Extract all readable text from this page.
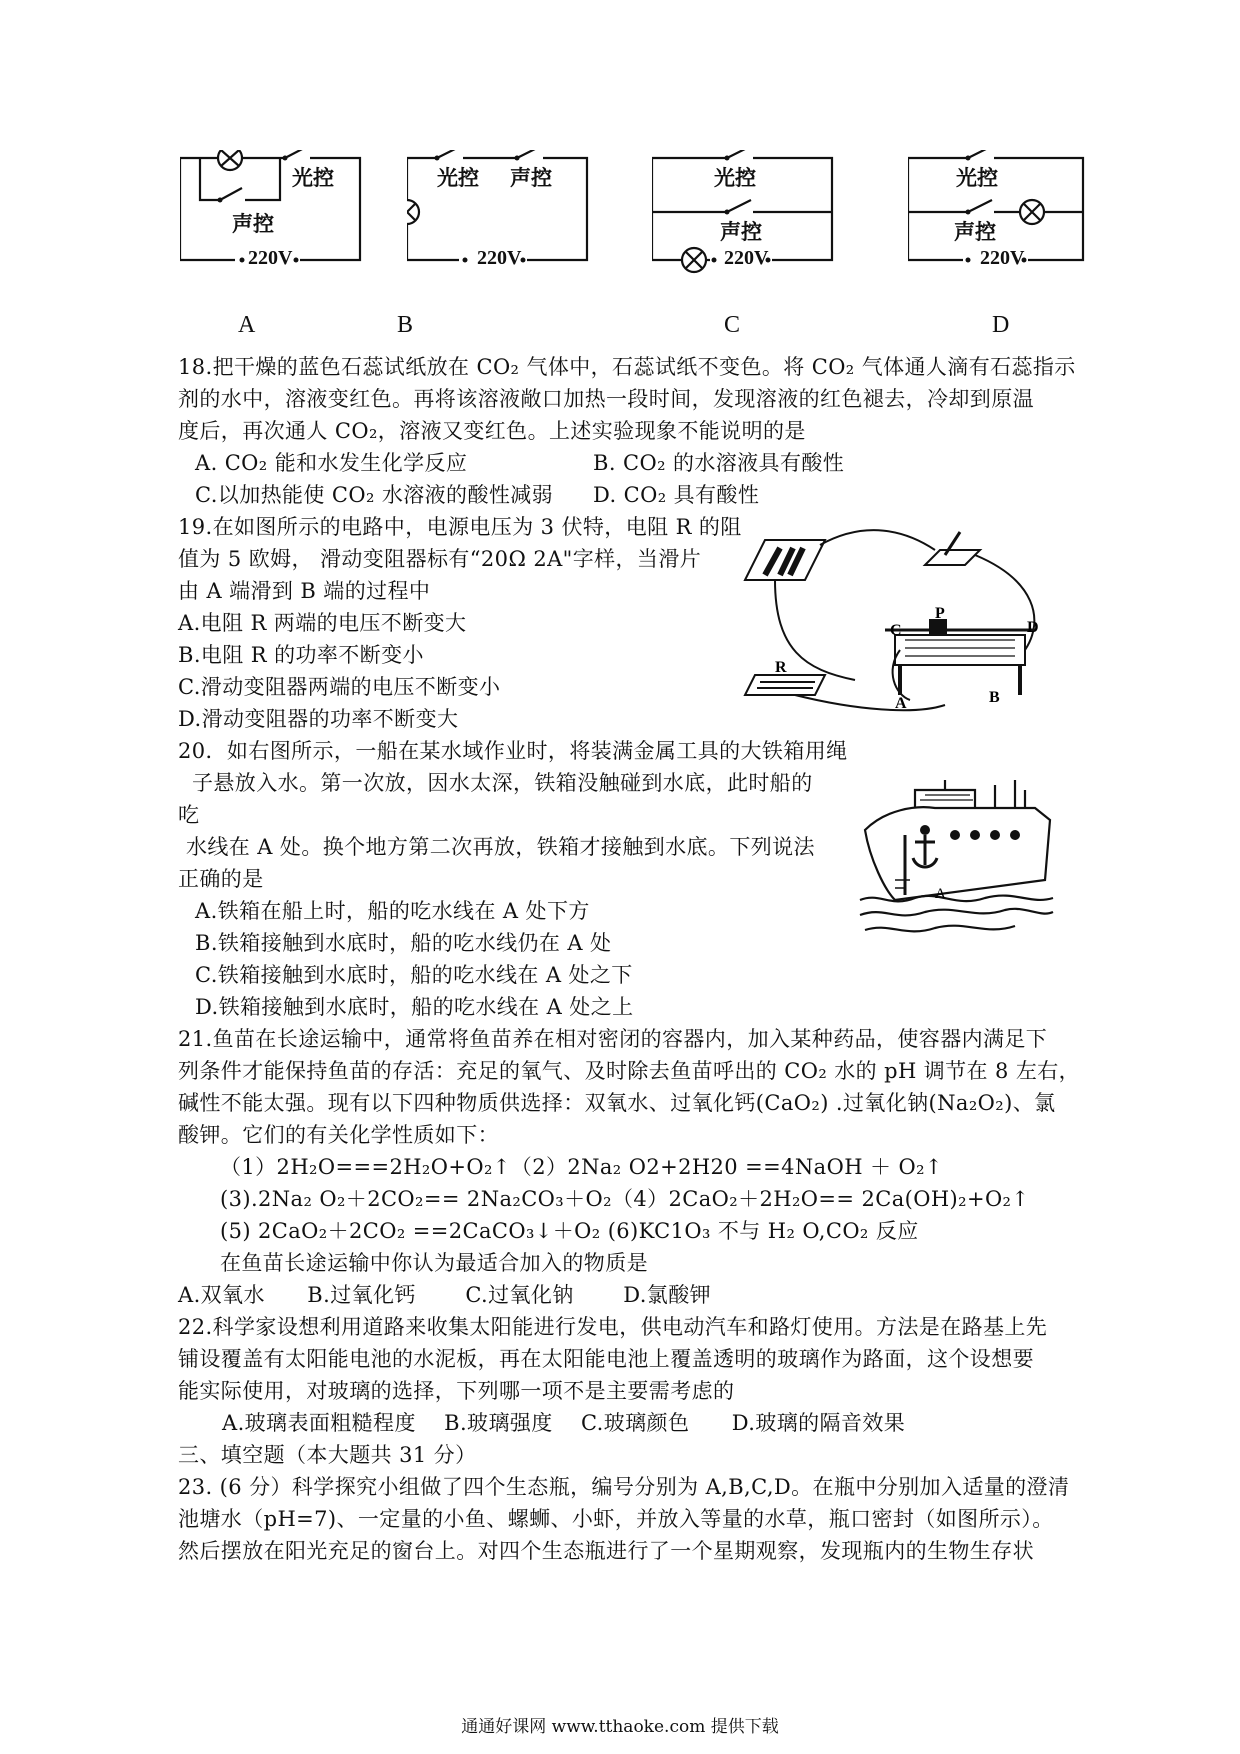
光控
声控
220V
A
光控 声控
220V
B
光控
声控
220V
C
光控
声控
220V
D
18.把干燥的蓝色石蕊试纸放在 CO₂ 气体中，石蕊试纸不变色。将 CO₂ 气体通人滴有石蕊指示
剂的水中，溶液变红色。再将该溶液敞口加热一段时间，发现溶液的红色褪去，冷却到原温
度后，再次通人 CO₂，溶液又变红色。上述实验现象不能说明的是
A. CO₂ 能和水发生化学反应	B. CO₂ 的水溶液具有酸性
C.以加热能使 CO₂ 水溶液的酸性减弱 D. CO₂ 具有酸性
19.在如图所示的电路中，电源电压为 3 伏特，电阻 R 的阻
值为 5 欧姆， 滑动变阻器标有“20Ω 2A"字样，当滑片
由 A 端滑到 B 端的过程中
A.电阻 R 两端的电压不断变大
B.电阻 R 的功率不断变小
C.滑动变阻器两端的电压不断变小
D.滑动变阻器的功率不断变大
C
P
D
R
A	B
20．如右图所示，一船在某水域作业时，将装满金属工具的大铁箱用绳
子悬放入水。第一次放，因水太深，铁箱没触碰到水底，此时船的
吃
水线在 A 处。换个地方第二次再放，铁箱才接触到水底。下列说法
正确的是
A.铁箱在船上时，船的吃水线在 A 处下方
B.铁箱接触到水底时，船的吃水线仍在 A 处
C.铁箱接触到水底时，船的吃水线在 A 处之下
D.铁箱接触到水底时，船的吃水线在 A 处之上
A
21.鱼苗在长途运输中，通常将鱼苗养在相对密闭的容器内，加入某种药品，使容器内满足下
列条件才能保持鱼苗的存活：充足的氧气、及时除去鱼苗呼出的 CO₂ 水的 pH 调节在 8 左右，
碱性不能太强。现有以下四种物质供选择：双氧水、过氧化钙(CaO₂) .过氧化钠(Na₂O₂)、氯
酸钾。它们的有关化学性质如下：
（1）2H₂O===2H₂O+O₂↑（2）2Na₂ O2+2H20 ==4NaOH ＋ O₂↑
(3).2Na₂ O₂＋2CO₂== 2Na₂CO₃＋O₂（4）2CaO₂＋2H₂O== 2Ca(OH)₂+O₂↑
(5) 2CaO₂＋2CO₂ ==2CaCO₃↓＋O₂ (6)KC1O₃ 不与 H₂ O,CO₂ 反应
在鱼苗长途运输中你认为最适合加入的物质是
A.双氧水      B.过氧化钙       C.过氧化钠       D.氯酸钾
22.科学家设想利用道路来收集太阳能进行发电，供电动汽车和路灯使用。方法是在路基上先
铺设覆盖有太阳能电池的水泥板，再在太阳能电池上覆盖透明的玻璃作为路面，这个设想要
能实际使用，对玻璃的选择，下列哪一项不是主要需考虑的
A.玻璃表面粗糙程度    B.玻璃强度    C.玻璃颜色      D.玻璃的隔音效果
三、填空题（本大题共 31 分）
23. (6 分）科学探究小组做了四个生态瓶，编号分别为 A,B,C,D。在瓶中分别加入适量的澄清
池塘水（pH=7)、一定量的小鱼、螺蛳、小虾，并放入等量的水草，瓶口密封（如图所示）。
然后摆放在阳光充足的窗台上。对四个生态瓶进行了一个星期观察，发现瓶内的生物生存状
通通好课网 www.tthaoke.com 提供下载
